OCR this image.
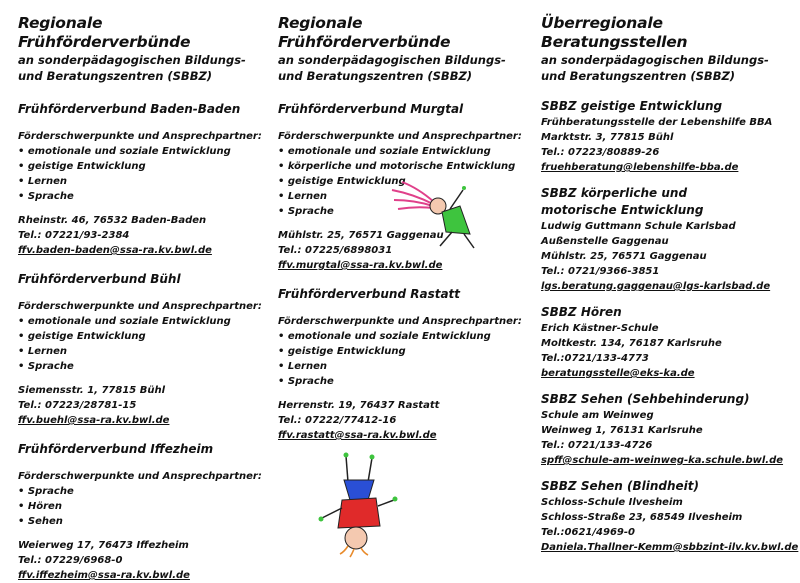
Regionale Frühförderverbünde

an sonderpädagogischen Bildungs- und Beratungszentren (SBBZ)

Frühförderverbund Baden-Baden

Förderschwerpunkte und Ansprechpartner:
• emotionale und soziale Entwicklung
• geistige Entwicklung
• Lernen
• Sprache
Rheinstr. 46, 76532 Baden-Baden
Tel.: 07221/93-2384
ffv.baden-baden@ssa-ra.kv.bwl.de

Frühförderverbund Bühl

Förderschwerpunkte und Ansprechpartner:
• emotionale und soziale Entwicklung
• geistige Entwicklung
• Lernen
• Sprache
Siemensstr. 1, 77815 Bühl
Tel.: 07223/28781-15
ffv.buehl@ssa-ra.kv.bwl.de

Frühförderverbund Iffezheim

Förderschwerpunkte und Ansprechpartner:
• Sprache
• Hören
• Sehen
Weierweg 17, 76473 Iffezheim
Tel.: 07229/6968-0
ffv.iffezheim@ssa-ra.kv.bwl.de

Regionale Frühförderverbünde

an sonderpädagogischen Bildungs- und Beratungszentren (SBBZ)

Frühförderverbund Murgtal

Förderschwerpunkte und Ansprechpartner:
• emotionale und soziale Entwicklung
• körperliche und motorische Entwicklung
• geistige Entwicklung
• Lernen
• Sprache
Mühlstr. 25, 76571 Gaggenau
Tel.: 07225/6898031
ffv.murgtal@ssa-ra.kv.bwl.de

Frühförderverbund Rastatt

Förderschwerpunkte und Ansprechpartner:
• emotionale und soziale Entwicklung
• geistige Entwicklung
• Lernen
• Sprache
Herrenstr. 19, 76437 Rastatt
Tel.: 07222/77412-16
ffv.rastatt@ssa-ra.kv.bwl.de

Überregionale Beratungsstellen

an sonderpädagogischen Bildungs- und Beratungszentren (SBBZ)

SBBZ geistige Entwicklung

Frühberatungsstelle der Lebenshilfe BBA
Marktstr. 3, 77815 Bühl
Tel.: 07223/80889-26
fruehberatung@lebenshilfe-bba.de

SBBZ körperliche und motorische Entwicklung

Ludwig Guttmann Schule Karlsbad
Außenstelle Gaggenau
Mühlstr. 25, 76571 Gaggenau
Tel.: 0721/9366-3851
lgs.beratung.gaggenau@lgs-karlsbad.de

SBBZ Hören

Erich Kästner-Schule
Moltkestr. 134, 76187 Karlsruhe
Tel.:0721/133-4773
beratungsstelle@eks-ka.de

SBBZ Sehen (Sehbehinderung)

Schule am Weinweg
Weinweg 1, 76131 Karlsruhe
Tel.: 0721/133-4726
spff@schule-am-weinweg-ka.schule.bwl.de

SBBZ Sehen (Blindheit)

Schloss-Schule Ilvesheim
Schloss-Straße 23, 68549 Ilvesheim
Tel.:0621/4969-0
Daniela.Thallner-Kemm@sbbzint-ilv.kv.bwl.de
